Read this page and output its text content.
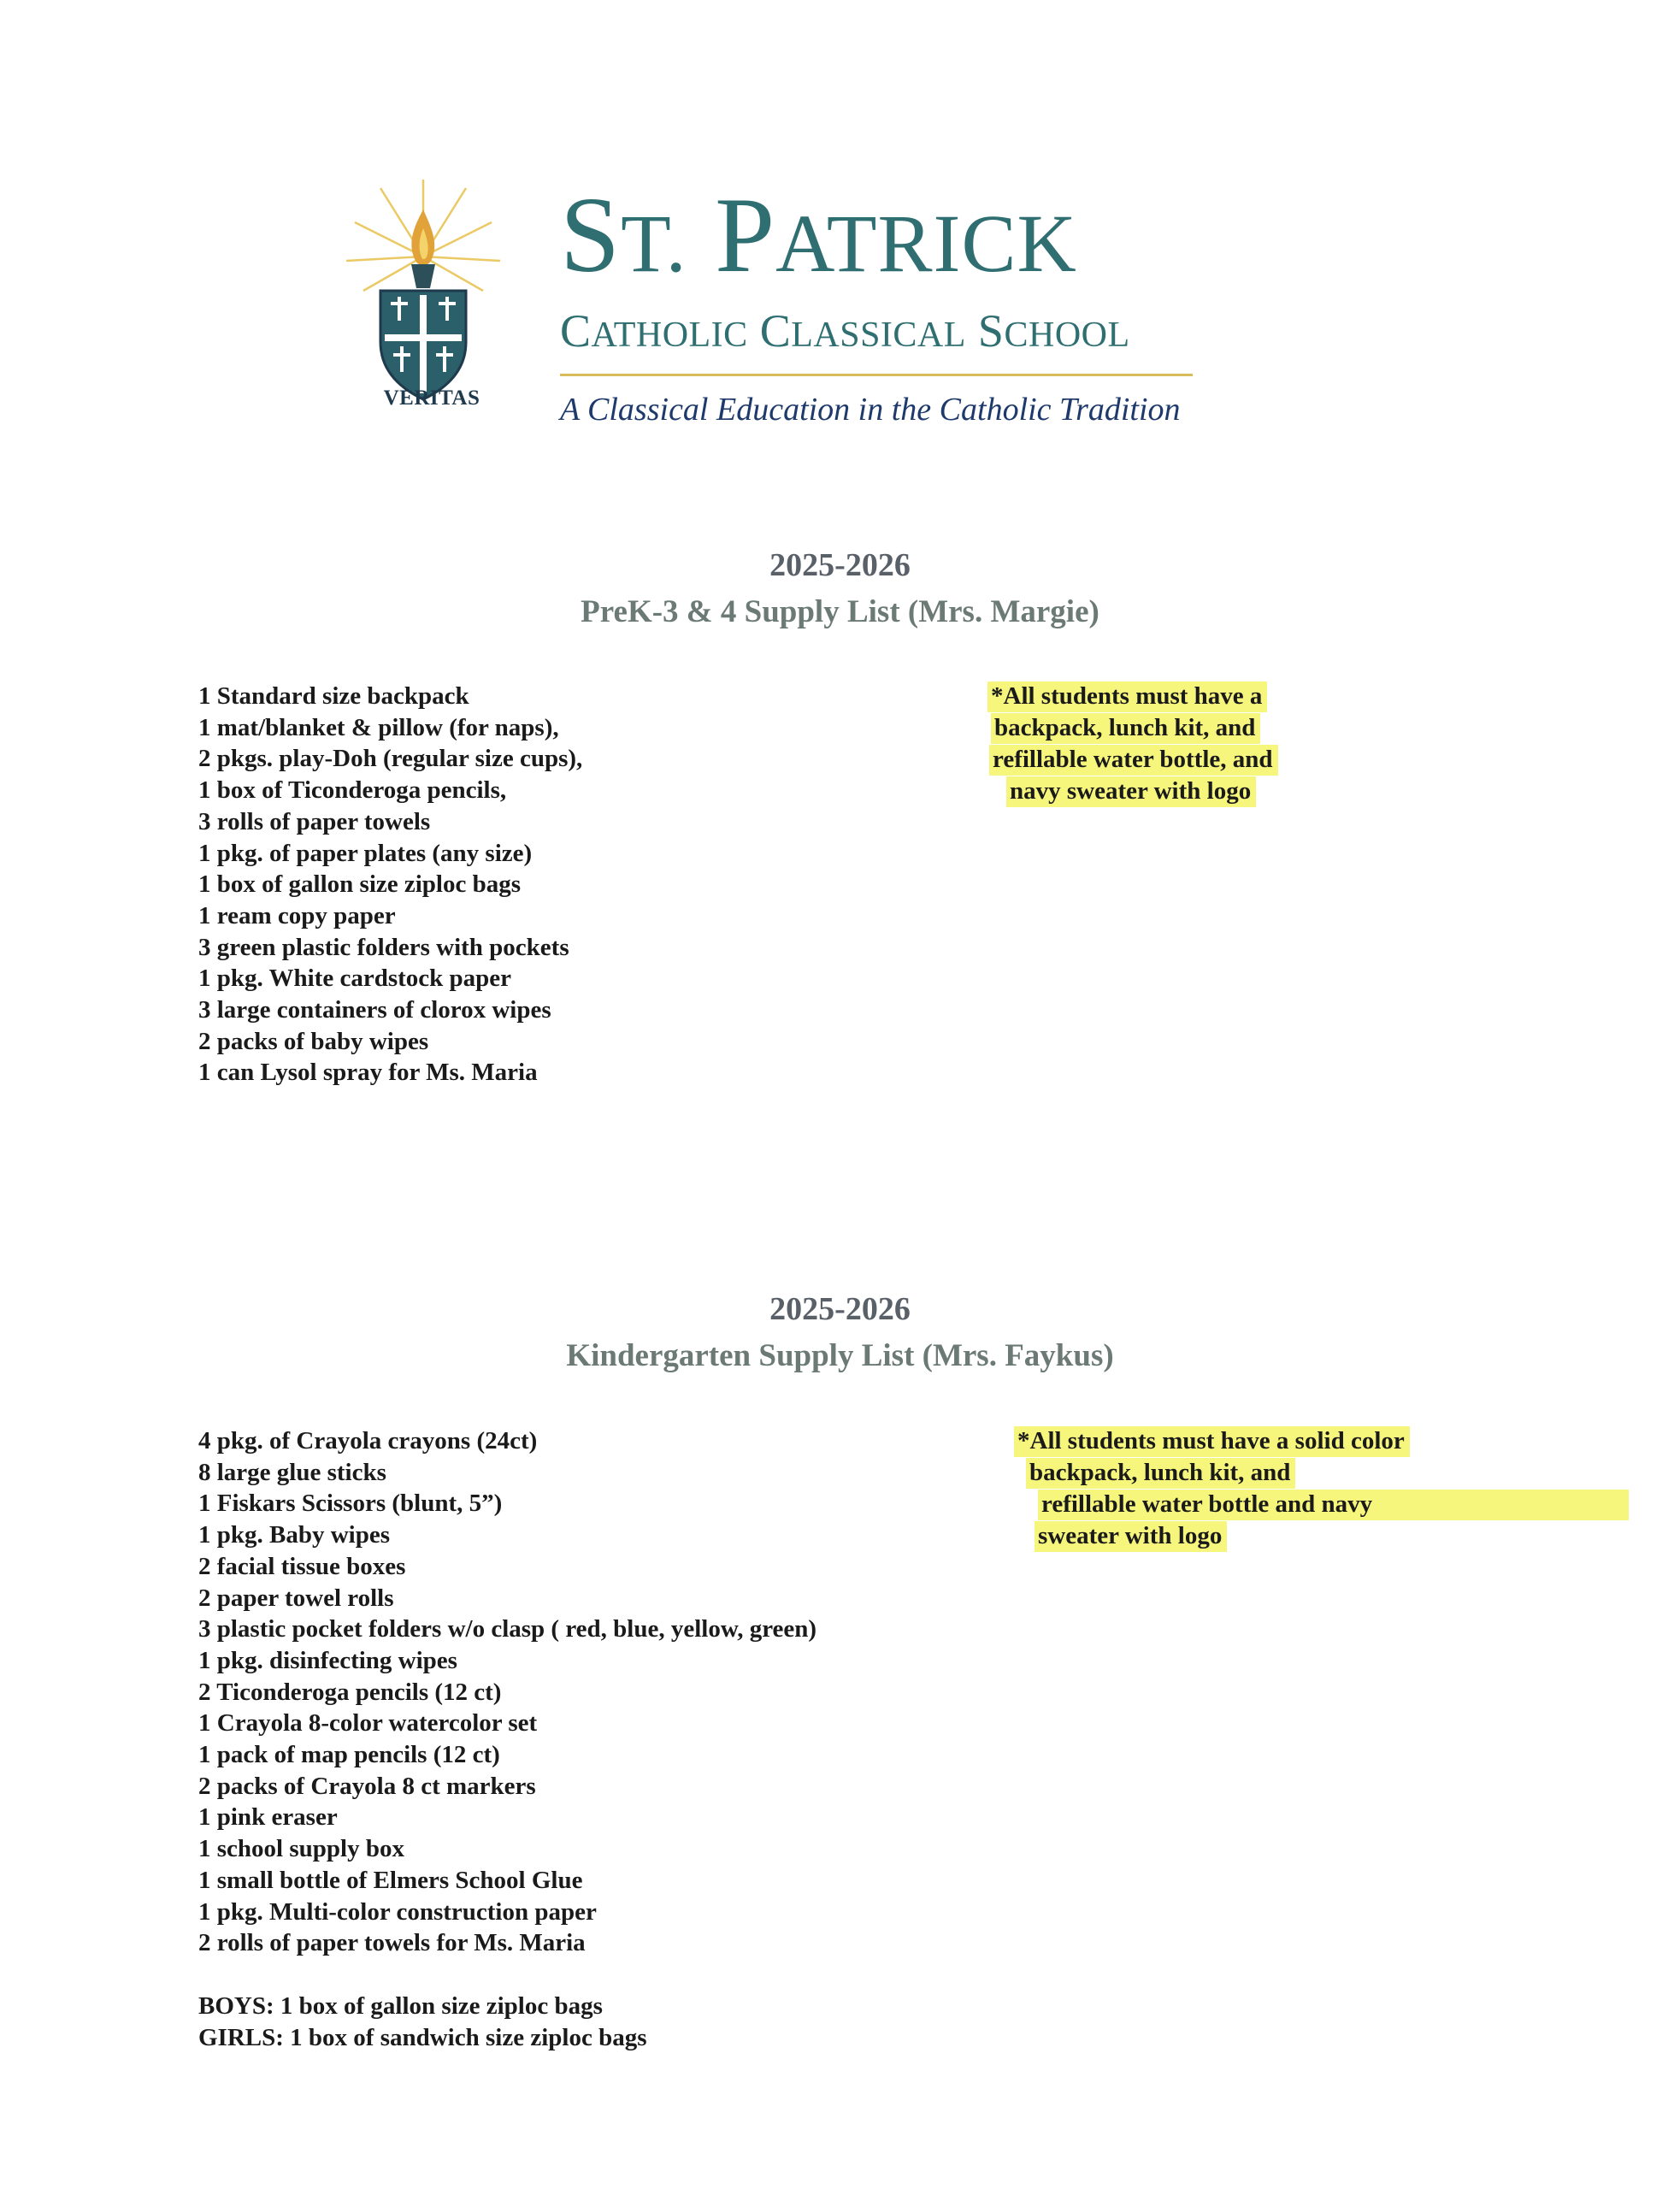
VERITAS
ST. PATRICK
CATHOLIC CLASSICAL SCHOOL
A Classical Education in the Catholic Tradition
2025-2026
PreK-3 & 4 Supply List (Mrs. Margie)
1 Standard size backpack
1 mat/blanket & pillow (for naps),
2 pkgs. play-Doh (regular size cups),
1 box of Ticonderoga pencils,
3 rolls of paper towels
1 pkg. of paper plates (any size)
1 box of gallon size ziploc bags
1 ream copy paper
3 green plastic folders with pockets
1 pkg. White cardstock paper
3 large containers of clorox wipes
2 packs of baby wipes
1 can Lysol spray for Ms. Maria
*All students must have a
backpack, lunch kit, and
refillable water bottle, and
navy sweater with logo
2025-2026
Kindergarten Supply List (Mrs. Faykus)
4 pkg. of Crayola crayons (24ct)
8 large glue sticks
1 Fiskars Scissors (blunt, 5”)
1 pkg. Baby wipes
2 facial tissue boxes
2 paper towel rolls
3 plastic pocket folders w/o clasp ( red, blue, yellow, green)
1 pkg. disinfecting wipes
2 Ticonderoga pencils (12 ct)
1 Crayola 8-color watercolor set
1 pack of map pencils (12 ct)
2 packs of Crayola 8 ct markers
1 pink eraser
1 school supply box
1 small bottle of Elmers School Glue
1 pkg. Multi-color construction paper
2 rolls of paper towels for Ms. Maria
BOYS: 1 box of gallon size ziploc bags
GIRLS: 1 box of sandwich size ziploc bags
*All students must have a solid color
backpack, lunch kit, and
refillable water bottle and navy
sweater with logo
